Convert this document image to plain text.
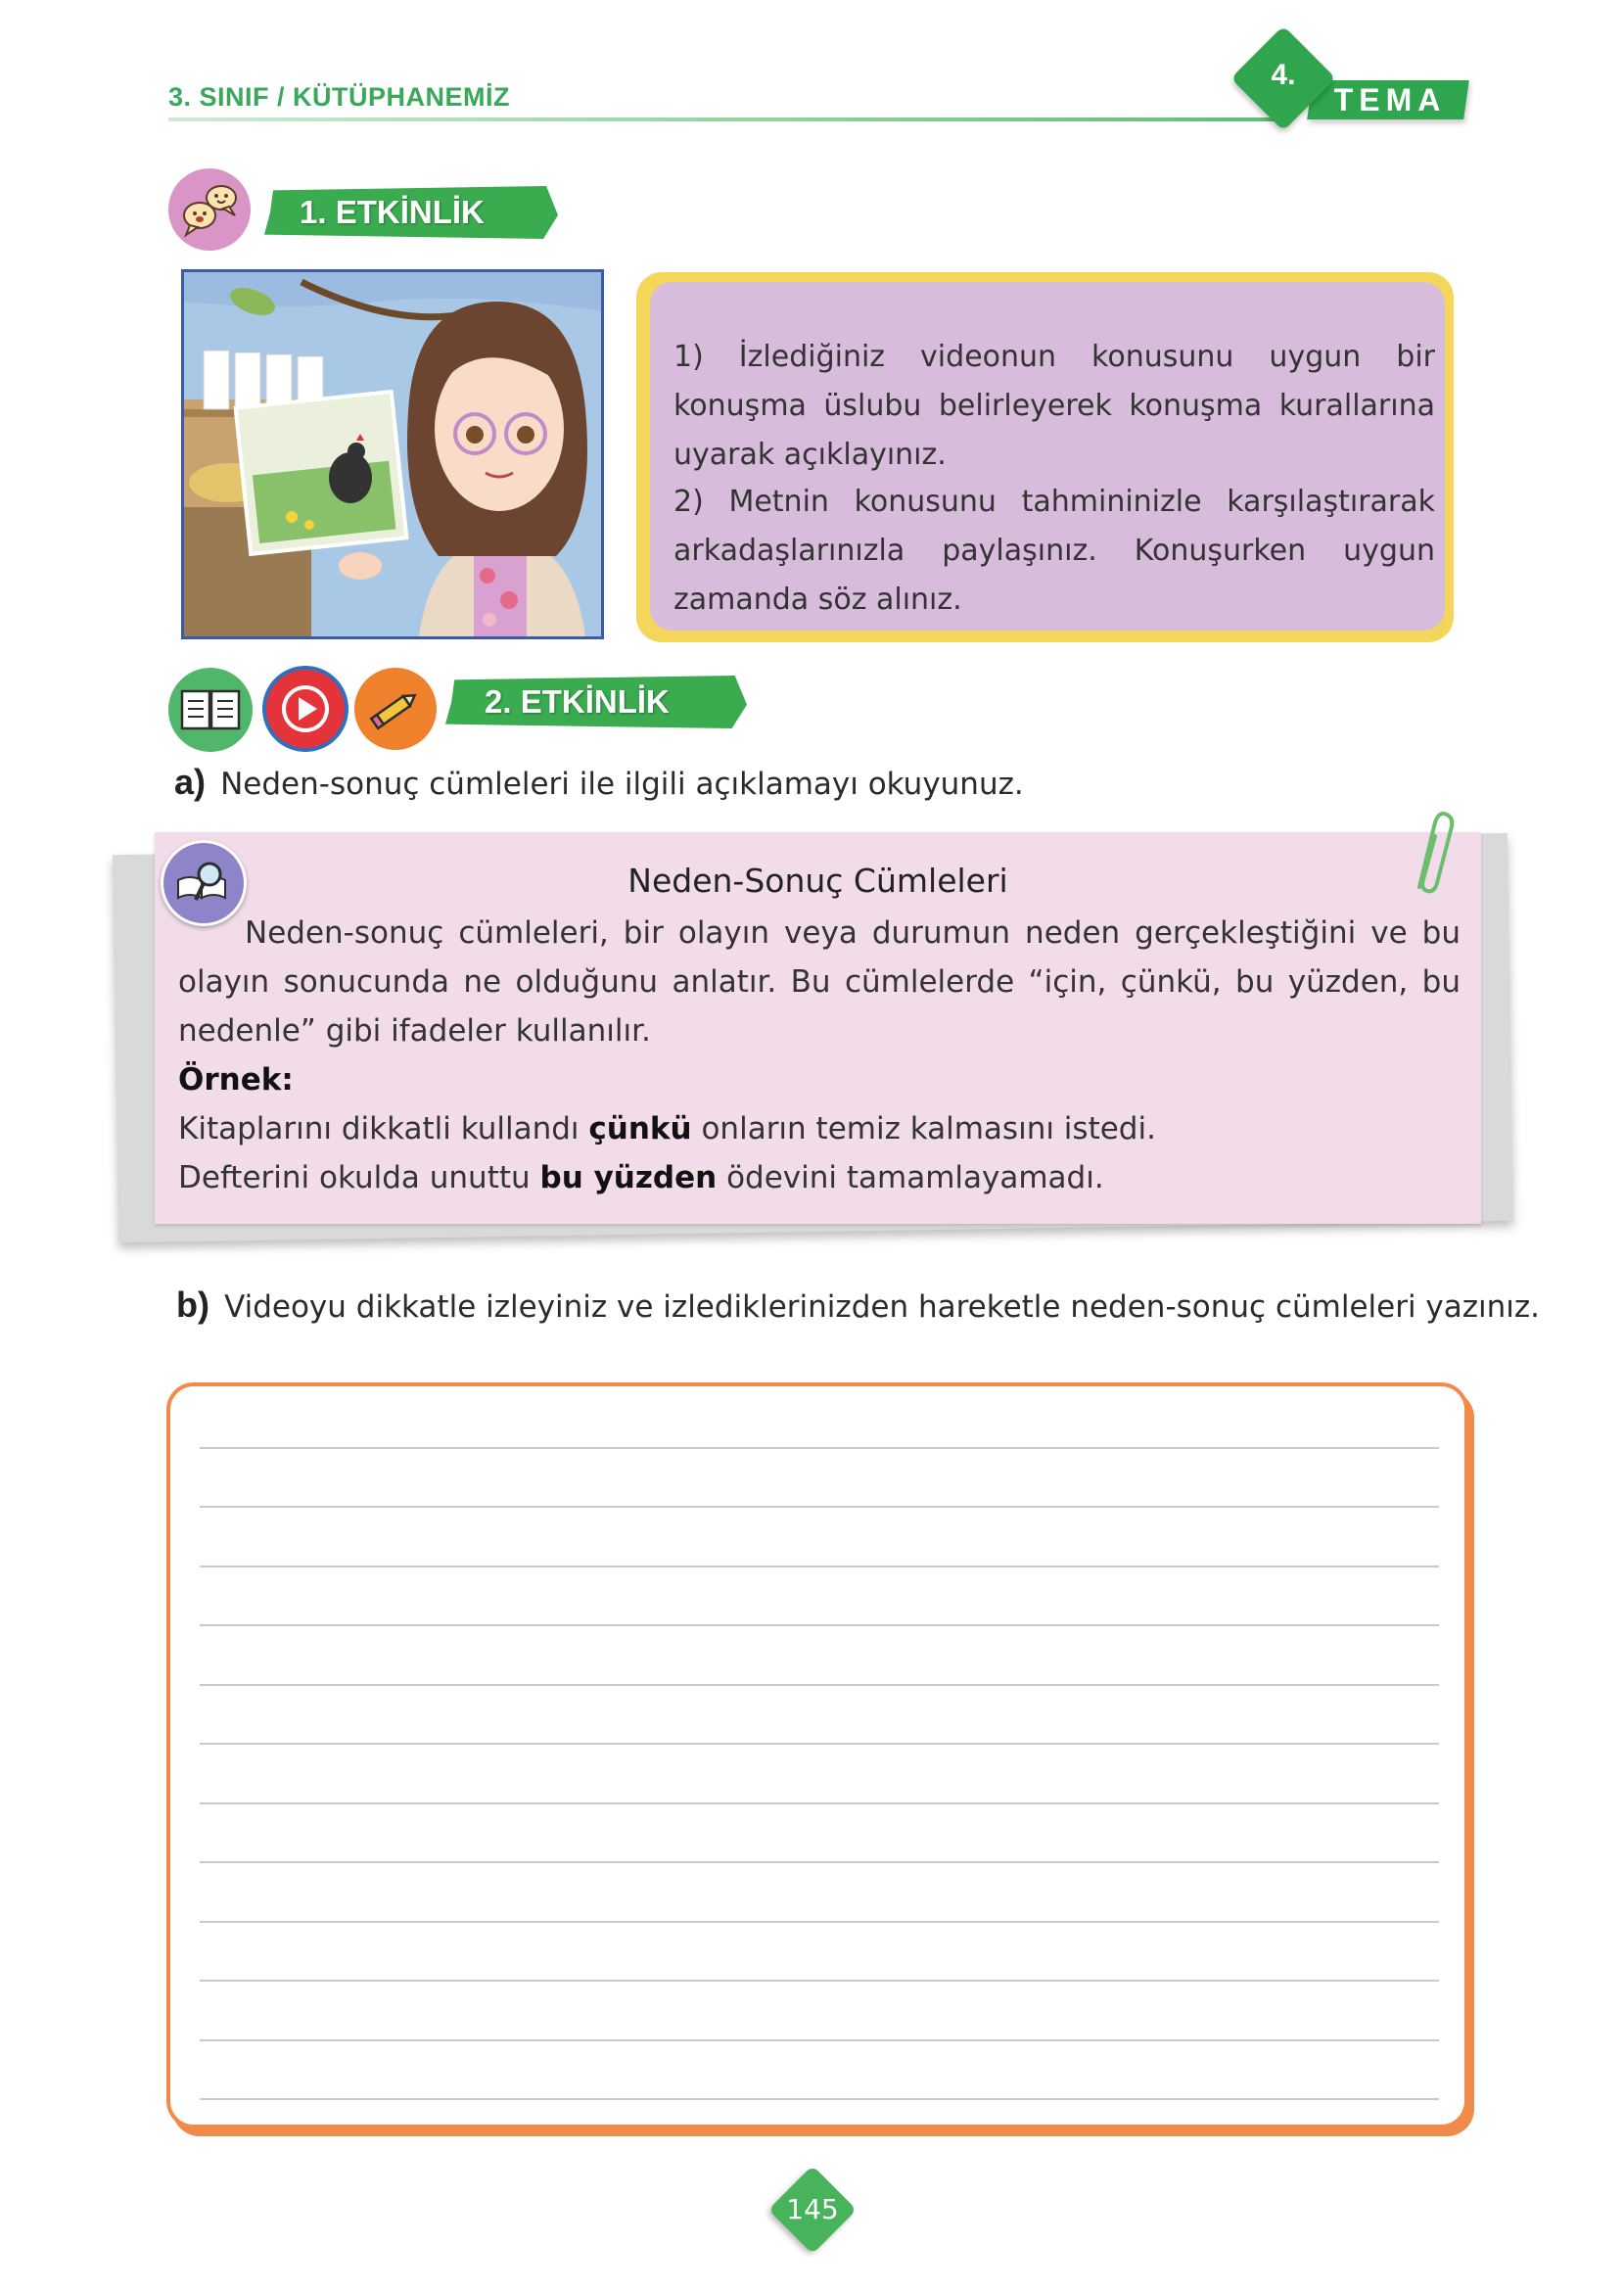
3. SINIF / KÜTÜPHANEMİZ	TEMA
4.
1. ETKİNLİK
1) İzlediğiniz videonun konusunu uygun bir konuşma üslubu belirleyerek konuşma kurallarına uyarak açıklayınız.
2) Metnin konusunu tahmininizle karşılaştırarak arkadaşlarınızla paylaşınız. Konuşurken uygun zamanda söz alınız.
2. ETKİNLİK
a) Neden-sonuç cümleleri ile ilgili açıklamayı okuyunuz.
Neden-Sonuç Cümleleri
Neden-sonuç cümleleri, bir olayın veya durumun neden gerçekleştiğini ve bu olayın sonucunda ne olduğunu anlatır. Bu cümlelerde “için, çünkü, bu yüzden, bu nedenle” gibi ifadeler kullanılır.
Örnek:
Kitaplarını dikkatli kullandı çünkü onların temiz kalmasını istedi.
Defterini okulda unuttu bu yüzden ödevini tamamlayamadı.
b) Videoyu dikkatle izleyiniz ve izlediklerinizden hareketle neden-sonuç cümleleri yazınız.
145
